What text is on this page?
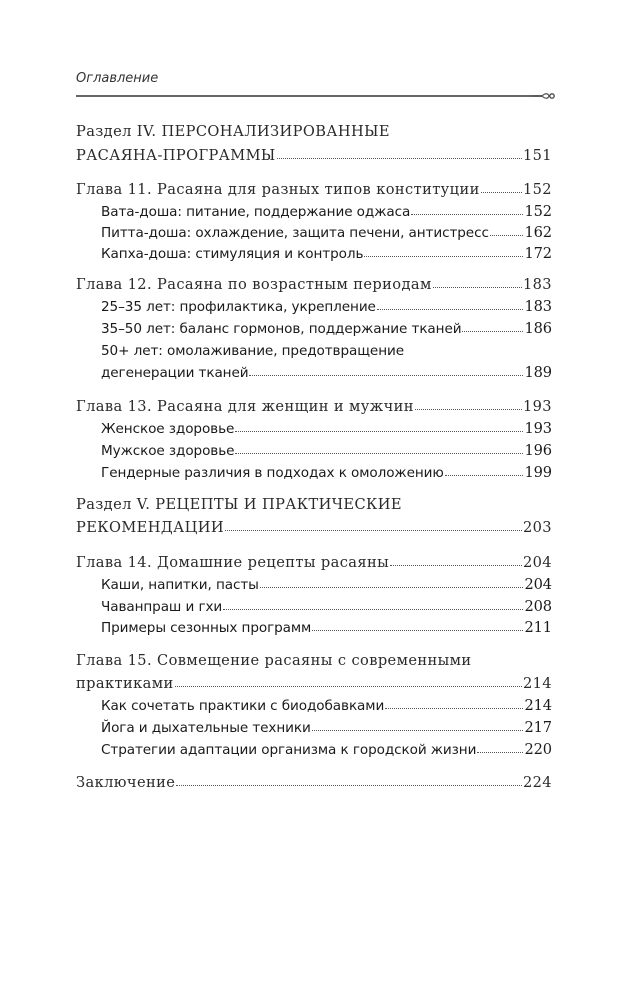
Оглавление
Раздел IV. ПЕРСОНАЛИЗИРОВАННЫЕ
РАСАЯНА-ПРОГРАММЫ	151
Глава 11. Расаяна для разных типов конституции	152
Вата-доша: питание, поддержание оджаса	152
Питта-доша: охлаждение, защита печени, антистресс 162
Капха-доша: стимуляция и контроль	172
Глава 12. Расаяна по возрастным периодам	183
25–35 лет: профилактика, укрепление	183
35–50 лет: баланс гормонов, поддержание тканей	186
50+ лет: омолаживание, предотвращение
дегенерации тканей	189
Глава 13. Расаяна для женщин и мужчин	193
Женское здоровье	193
Мужское здоровье	196
Гендерные различия в подходах к омоложению	199
Раздел V. РЕЦЕПТЫ И ПРАКТИЧЕСКИЕ
РЕКОМЕНДАЦИИ	203
Глава 14. Домашние рецепты расаяны	204
Каши, напитки, пасты	204
Чаванпраш и гхи	208
Примеры сезонных программ	211
Глава 15. Совмещение расаяны с современными
практиками	214
Как сочетать практики с биодобавками	214
Йога и дыхательные техники	217
Стратегии адаптации организма к городской жизни	220
Заключение	224
